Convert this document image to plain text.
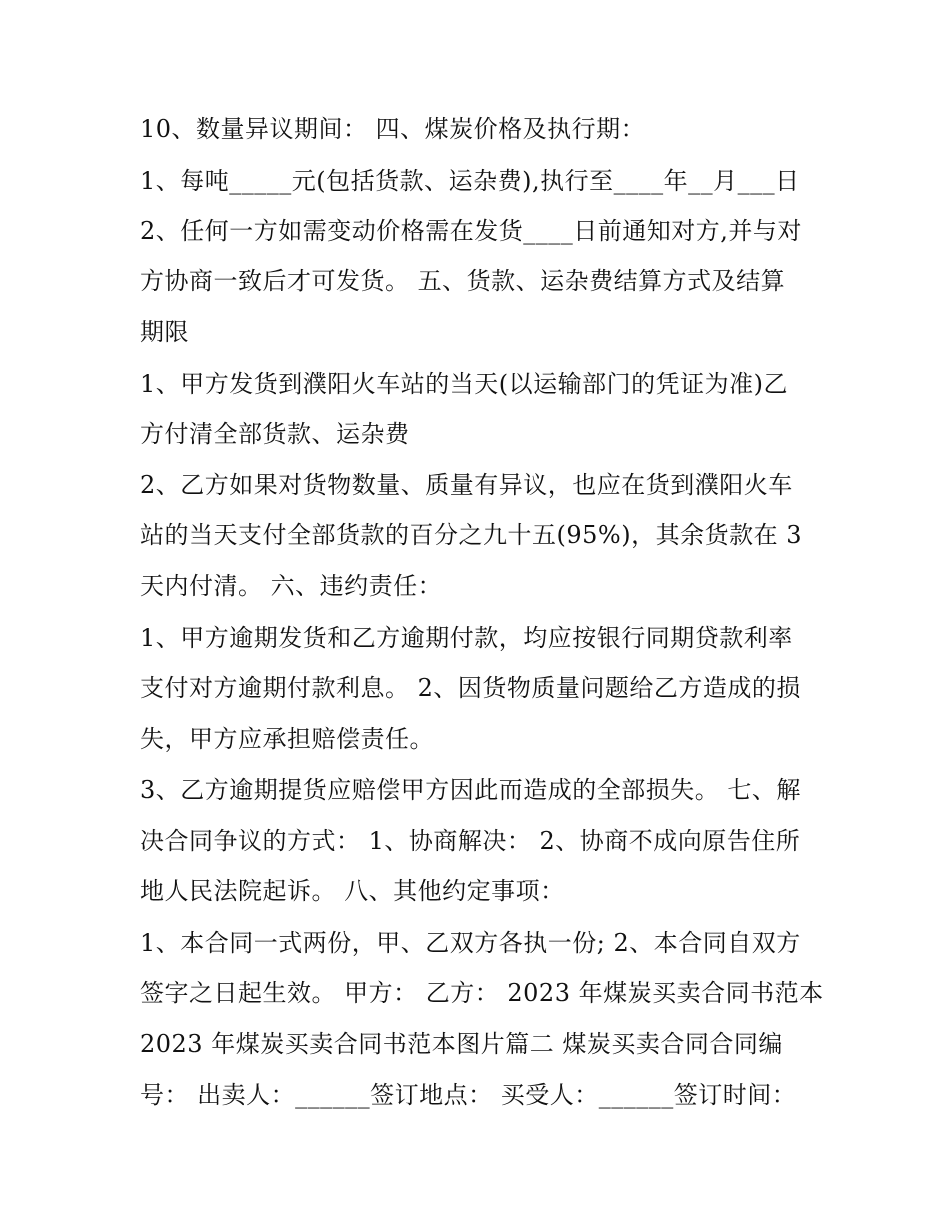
10、数量异议期间： 四、煤炭价格及执行期：

1、每吨_____元(包括货款、运杂费),执行至____年__月___日

2、任何一方如需变动价格需在发货____日前通知对方,并与对

方协商一致后才可发货。 五、货款、运杂费结算方式及结算

期限

1、甲方发货到濮阳火车站的当天(以运输部门的凭证为准)乙

方付清全部货款、运杂费

2、乙方如果对货物数量、质量有异议，也应在货到濮阳火车

站的当天支付全部货款的百分之九十五(95%)，其余货款在 3

天内付清。 六、违约责任：

1、甲方逾期发货和乙方逾期付款，均应按银行同期贷款利率

支付对方逾期付款利息。 2、因货物质量问题给乙方造成的损

失，甲方应承担赔偿责任。

3、乙方逾期提货应赔偿甲方因此而造成的全部损失。 七、解

决合同争议的方式： 1、协商解决： 2、协商不成向原告住所

地人民法院起诉。 八、其他约定事项：

1、本合同一式两份，甲、乙双方各执一份; 2、本合同自双方

签字之日起生效。 甲方： 乙方： 2023 年煤炭买卖合同书范本

2023 年煤炭买卖合同书范本图片篇二 煤炭买卖合同合同编

号： 出卖人：______签订地点： 买受人：______签订时间：
